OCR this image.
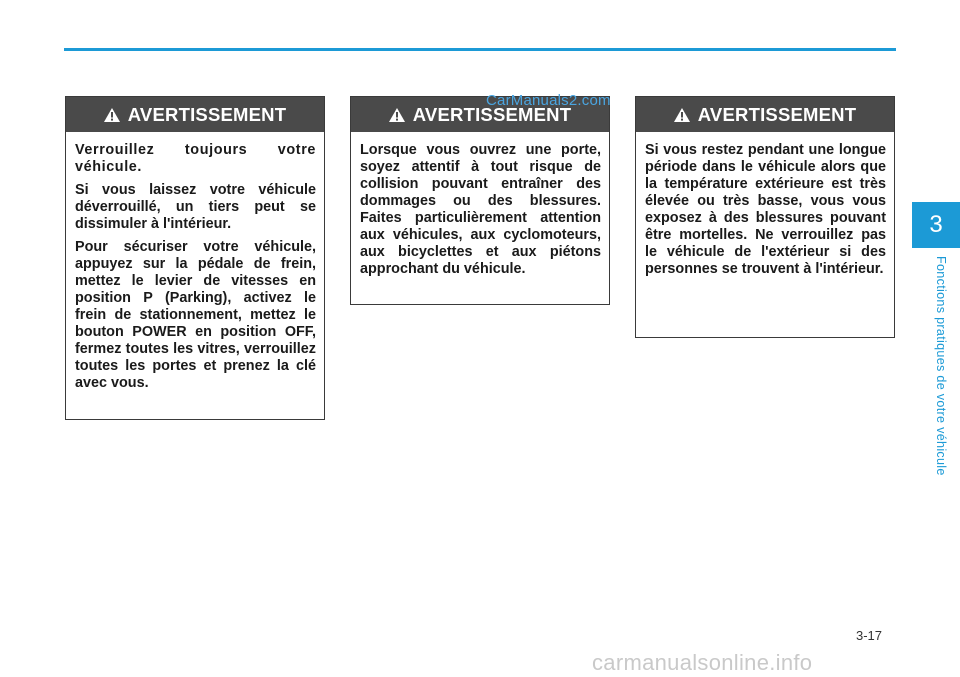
AVERTISSEMENT

Verrouillez toujours votre véhicule.

Si vous laissez votre véhicule déverrouillé, un tiers peut se dissimuler à l'intérieur.

Pour sécuriser votre véhicule, appuyez sur la pédale de frein, mettez le levier de vitesses en position P (Parking), activez le frein de stationnement, mettez le bouton POWER en position OFF, fermez toutes les vitres, verrouillez toutes les portes et prenez la clé avec vous.

AVERTISSEMENT

Lorsque vous ouvrez une porte, soyez attentif à tout risque de collision pouvant entraîner des dommages ou des blessures. Faites particulièrement attention aux véhicules, aux cyclomoteurs, aux bicyclettes et aux piétons approchant du véhicule.

AVERTISSEMENT

Si vous restez pendant une longue période dans le véhicule alors que la température extérieure est très élevée ou très basse, vous vous exposez à des blessures pouvant être mortelles. Ne verrouillez pas le véhicule de l'extérieur si des personnes se trouvent à l'intérieur.

CarManuals2.com
3
Fonctions pratiques de votre véhicule
3-17
carmanualsonline.info
